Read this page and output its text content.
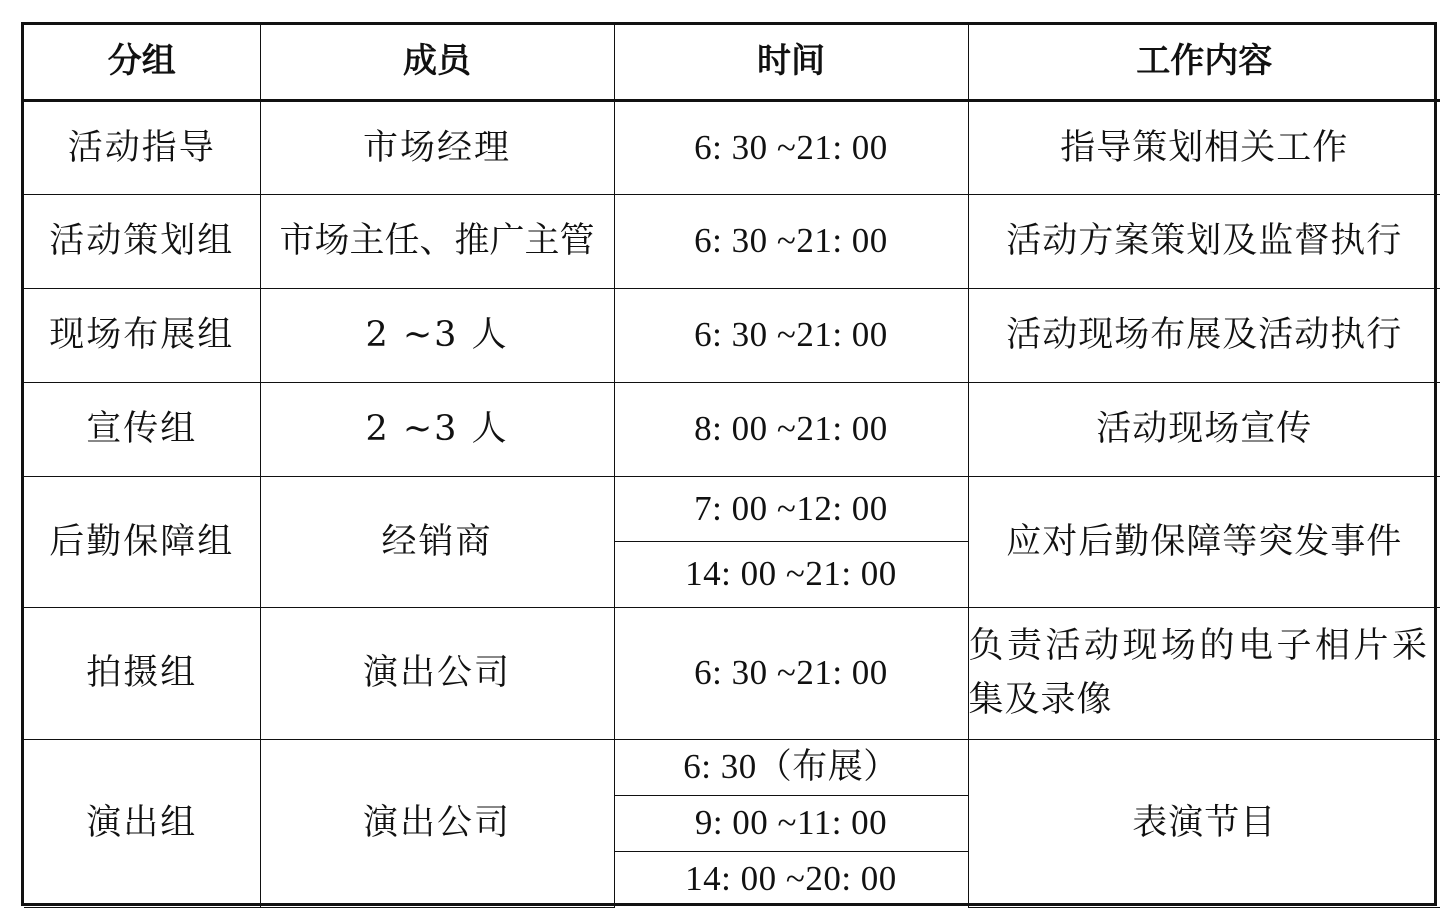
分组	成员	时间	工作内容
活动指导	市场经理	6: 30 ~21: 00	指导策划相关工作
活动策划组	市场主任、推广主管	6: 30 ~21: 00	活动方案策划及监督执行
现场布展组	2 ~3 人	6: 30 ~21: 00	活动现场布展及活动执行
宣传组	2 ~3 人	8: 00 ~21: 00	活动现场宣传
后勤保障组	经销商	7: 00 ~12: 00	应对后勤保障等突发事件
		14: 00 ~21: 00	
拍摄组	演出公司	6: 30 ~21: 00	负责活动现场的电子相片采集及录像
演出组	演出公司	6: 30（布展）	表演节目
		9: 00 ~11: 00	
		14: 00 ~20: 00	
